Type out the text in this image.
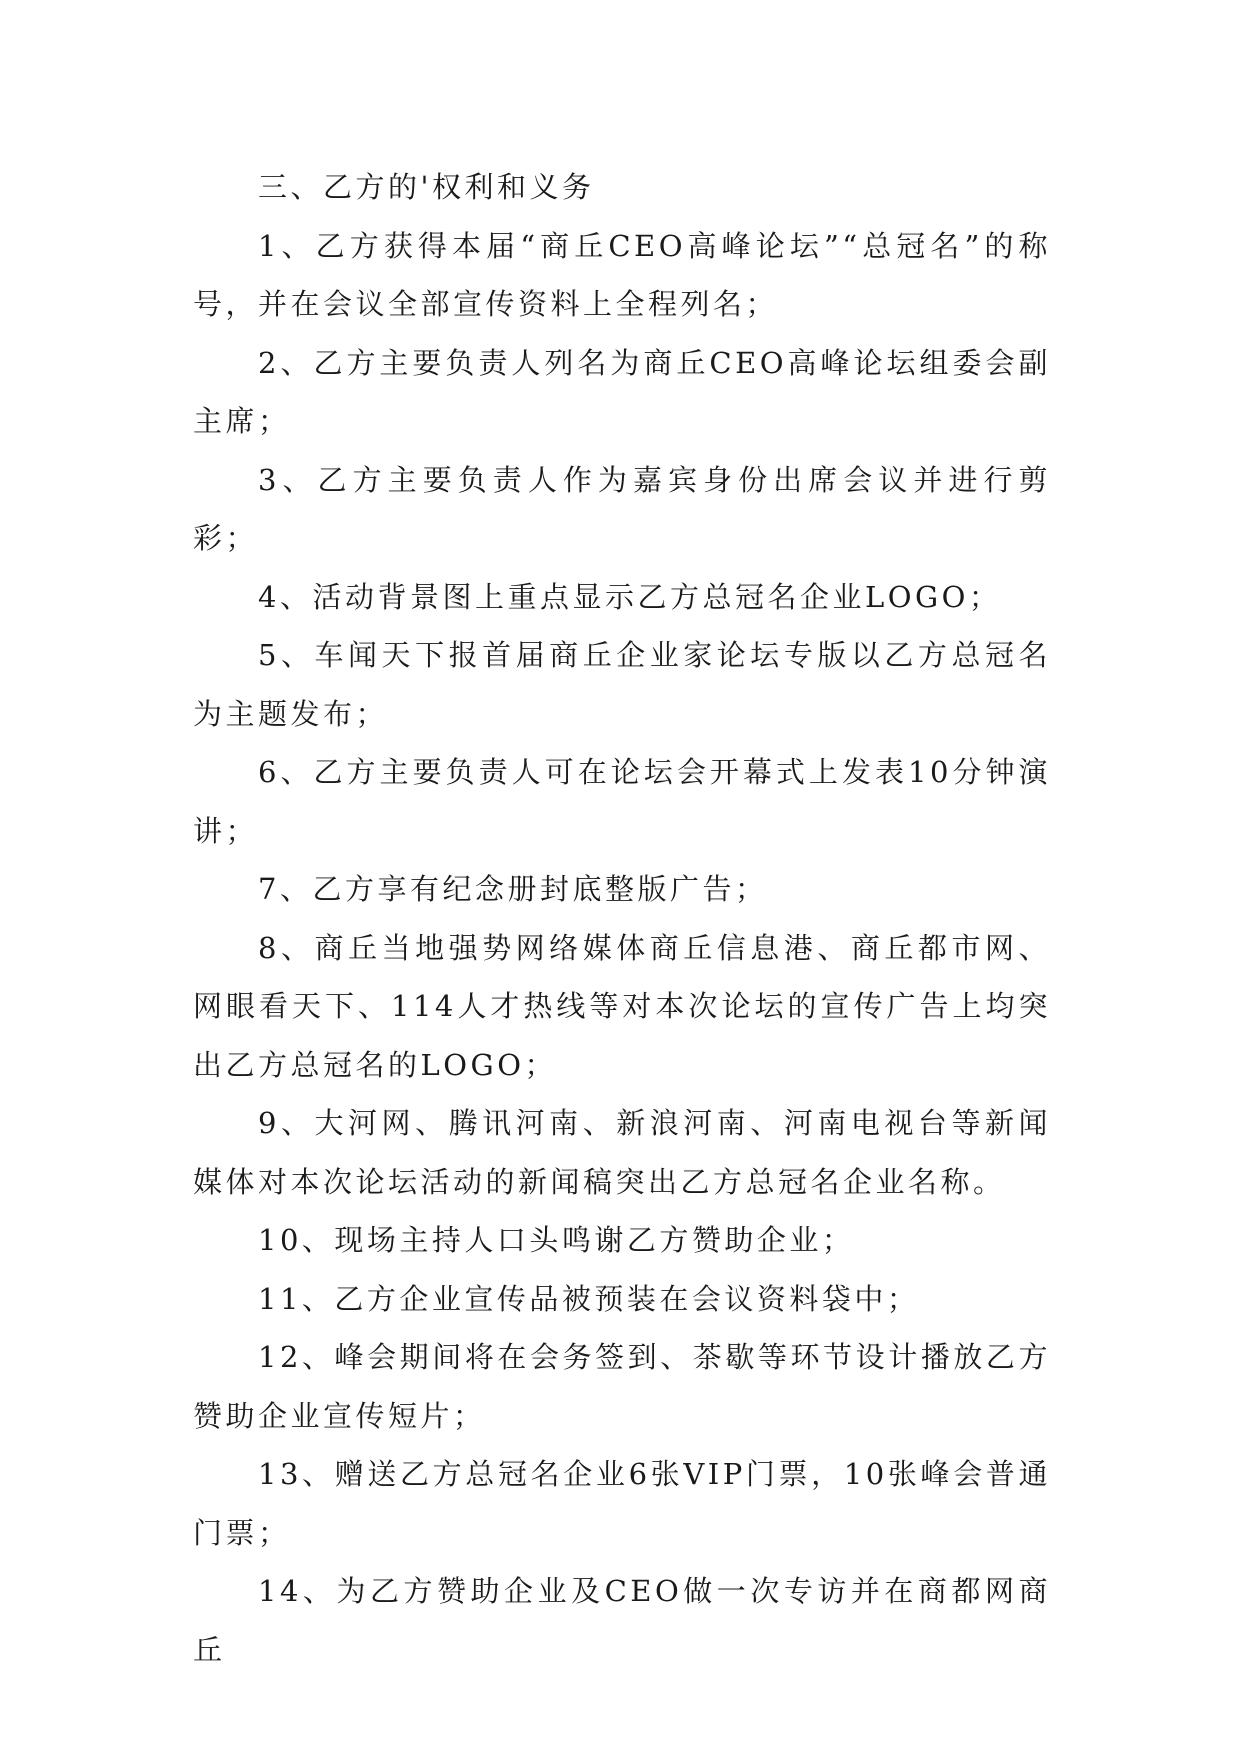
三、乙方的'权利和义务

1、乙方获得本届“商丘CEO高峰论坛”“总冠名”的称号，并在会议全部宣传资料上全程列名；

2、乙方主要负责人列名为商丘CEO高峰论坛组委会副主席；

3、乙方主要负责人作为嘉宾身份出席会议并进行剪彩；

4、活动背景图上重点显示乙方总冠名企业LOGO；

5、车闻天下报首届商丘企业家论坛专版以乙方总冠名为主题发布；

6、乙方主要负责人可在论坛会开幕式上发表10分钟演讲；

7、乙方享有纪念册封底整版广告；

8、商丘当地强势网络媒体商丘信息港、商丘都市网、网眼看天下、114人才热线等对本次论坛的宣传广告上均突出乙方总冠名的LOGO；

9、大河网、腾讯河南、新浪河南、河南电视台等新闻媒体对本次论坛活动的新闻稿突出乙方总冠名企业名称。

10、现场主持人口头鸣谢乙方赞助企业；

11、乙方企业宣传品被预装在会议资料袋中；

12、峰会期间将在会务签到、茶歇等环节设计播放乙方赞助企业宣传短片；

13、赠送乙方总冠名企业6张VIP门票，10张峰会普通门票；

14、为乙方赞助企业及CEO做一次专访并在商都网商丘
